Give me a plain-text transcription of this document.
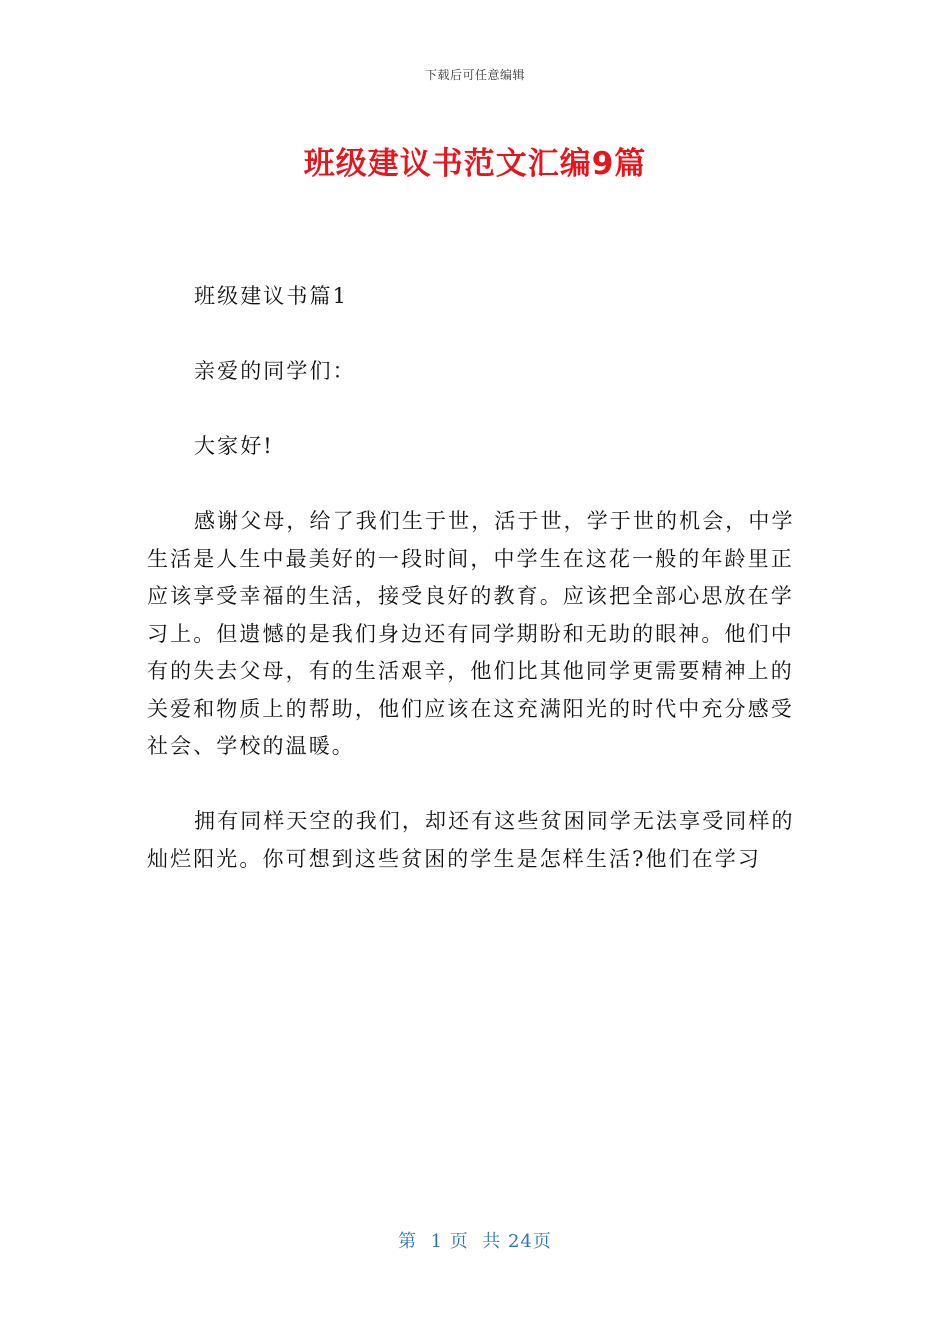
下载后可任意编辑
班级建议书范文汇编9篇

班级建议书篇1

亲爱的同学们：

大家好!

感谢父母，给了我们生于世，活于世，学于世的机会，中学生活是人生中最美好的一段时间，中学生在这花一般的年龄里正应该享受幸福的生活，接受良好的教育。应该把全部心思放在学习上。但遗憾的是我们身边还有同学期盼和无助的眼神。他们中有的失去父母，有的生活艰辛，他们比其他同学更需要精神上的关爱和物质上的帮助，他们应该在这充满阳光的时代中充分感受社会、学校的温暖。

拥有同样天空的我们，却还有这些贫困同学无法享受同样的灿烂阳光。你可想到这些贫困的学生是怎样生活?他们在学习

第  1 页  共 24页
